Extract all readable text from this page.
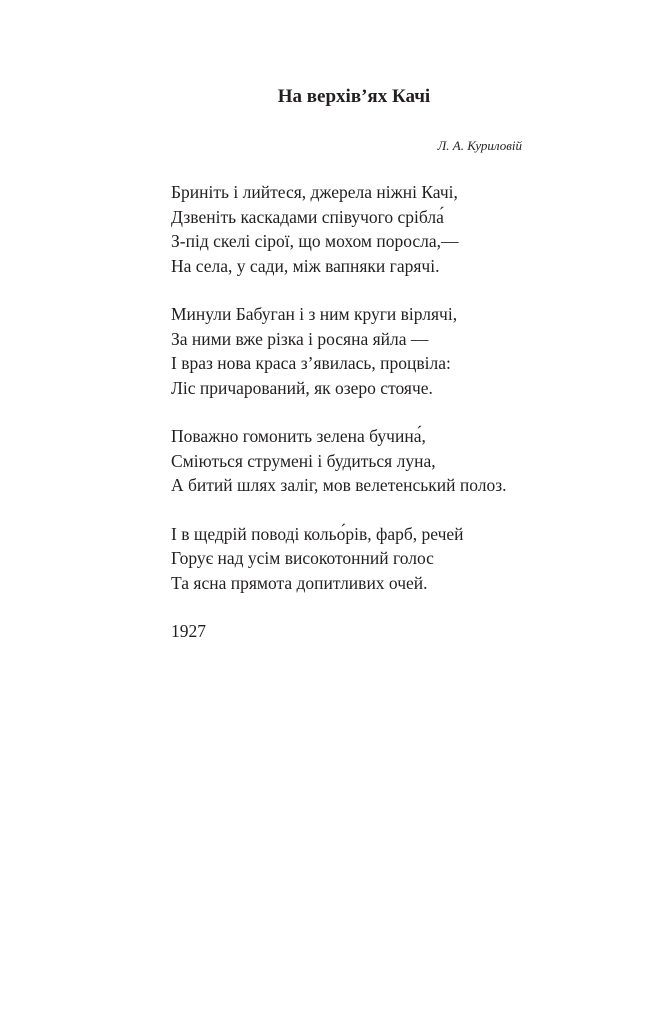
На верхів’ях Качі

Л. А. Куриловій

Бриніть і лийтеся, джерела ніжні Качі,
Дзвеніть каскадами співучого срібла́
З-під скелі сірої, що мохом поросла,—
На села, у сади, між вапняки гарячі.
Минули Бабуган і з ним круги вірлячі,
За ними вже різка і росяна яйла —
І враз нова краса з’явилась, процвіла:
Ліс причарований, як озеро стояче.
Поважно гомонить зелена бучина́,
Сміються струмені і будиться луна,
А битий шлях заліг, мов велетенський полоз.
І в щедрій поводі кольо́рів, фарб, речей
Горує над усім високотонний голос
Та ясна прямота допитливих очей.
1927
